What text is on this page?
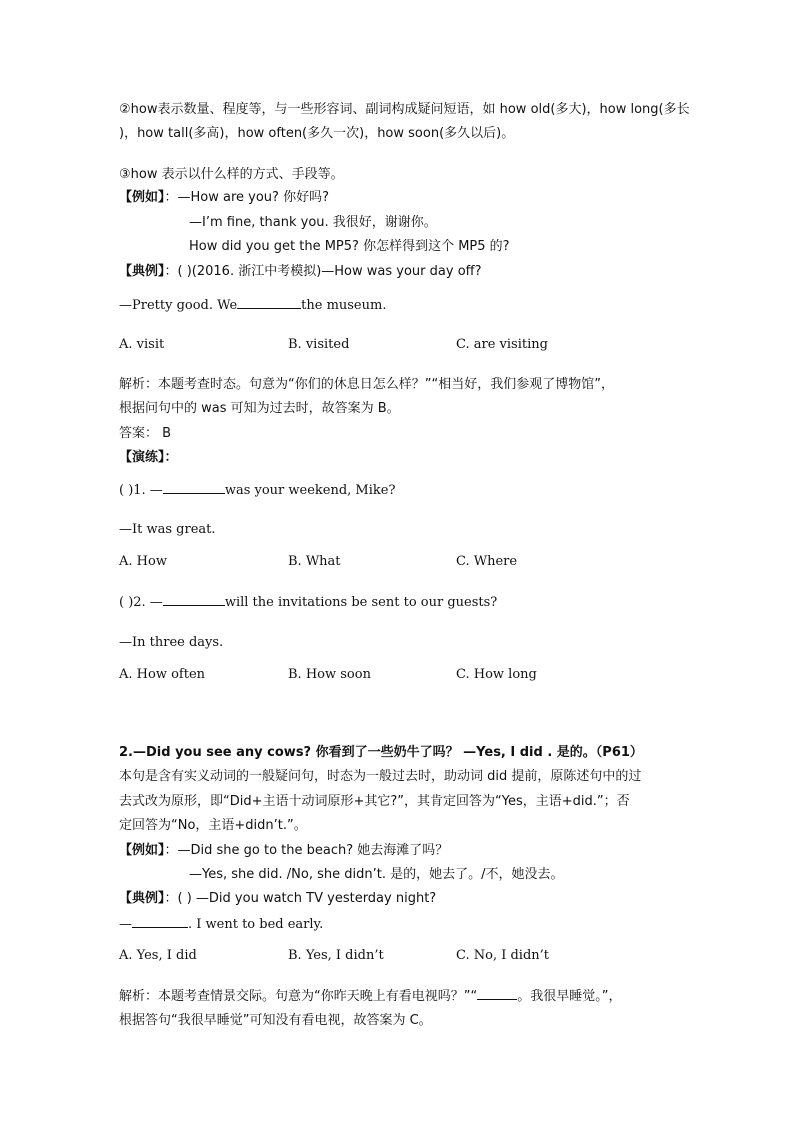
②how表示数量、程度等，与一些形容词、副词构成疑问短语，如 how old(多大)，how long(多长
)，how tall(多高)，how often(多久一次)，how soon(多久以后)。
③how 表示以什么样的方式、手段等。
【例如】：—How are you? 你好吗?
—I’m fine, thank you. 我很好，谢谢你。
How did you get the MP5? 你怎样得到这个 MP5 的?
【典例】：( )(2016. 浙江中考模拟)—How was your day off?
—Pretty good. We	the museum.
A. visit	B. visited	C. are visiting
解析：本题考查时态。句意为“你们的休息日怎么样？”“相当好，我们参观了博物馆”，
根据问句中的 was 可知为过去时，故答案为 B。
答案： B
【演练】：
( )1. —	was your weekend, Mike?
—It was great.
A. How	B. What	C. Where
( )2. —	will the invitations be sent to our guests?
—In three days.
A. How often	B. How soon	C. How long
2.—Did you see any cows? 你看到了一些奶牛了吗？ —Yes, I did . 是的。（P61）
本句是含有实义动词的一般疑问句，时态为一般过去时，助动词 did 提前，原陈述句中的过
去式改为原形，即“Did+主语十动词原形+其它?”，其肯定回答为“Yes，主语+did.”；否
定回答为“No，主语+didn’t.”。
【例如】：—Did she go to the beach? 她去海滩了吗？
—Yes, she did. /No, she didn’t. 是的，她去了。/不，她没去。
【典例】：( ) —Did you watch TV yesterday night?
—	. I went to bed early.
A. Yes, I did	B. Yes, I didn’t	C. No, I didn’t
解析：本题考查情景交际。句意为“你昨天晚上有看电视吗？”“	。我很早睡觉。”，
根据答句“我很早睡觉”可知没有看电视，故答案为 C。
